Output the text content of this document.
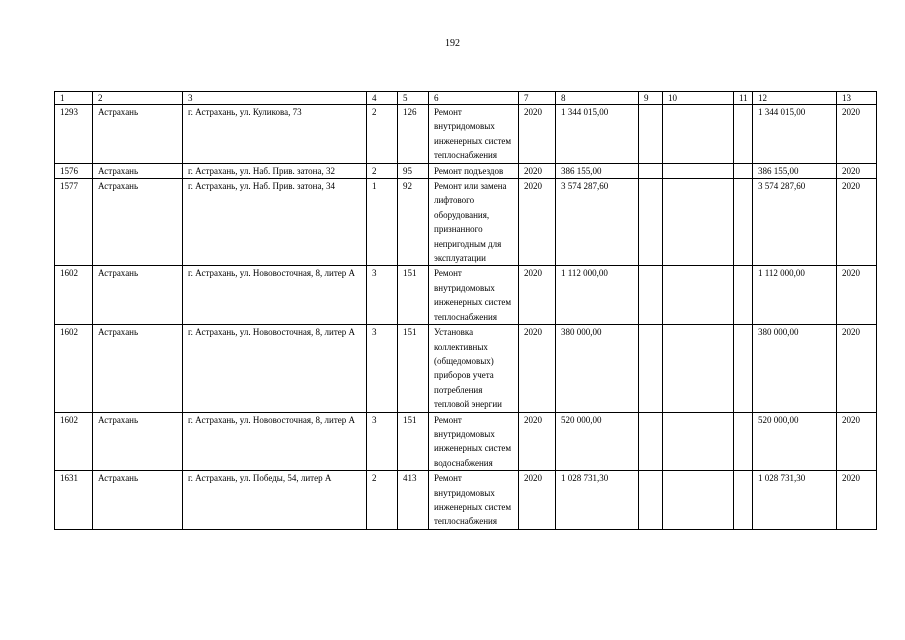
192
1	2	3	4	5	6	7	8	9	10	11	12	13
1293	Астрахань	г. Астрахань, ул. Куликова, 73	2	126	Ремонт внутридомовых инженерных систем теплоснабжения	2020	1 344 015,00				1 344 015,00	2020
1576	Астрахань	г. Астрахань, ул. Наб. Прив. затона, 32	2	95	Ремонт подъездов	2020	386 155,00				386 155,00	2020
1577	Астрахань	г. Астрахань, ул. Наб. Прив. затона, 34	1	92	Ремонт или замена лифтового оборудования, признанного непригодным для эксплуатации	2020	3 574 287,60				3 574 287,60	2020
1602	Астрахань	г. Астрахань, ул. Нововосточная, 8, литер А	3	151	Ремонт внутридомовых инженерных систем теплоснабжения	2020	1 112 000,00				1 112 000,00	2020
1602	Астрахань	г. Астрахань, ул. Нововосточная, 8, литер А	3	151	Установка коллективных (общедомовых) приборов учета потребления тепловой энергии	2020	380 000,00				380 000,00	2020
1602	Астрахань	г. Астрахань, ул. Нововосточная, 8, литер А	3	151	Ремонт внутридомовых инженерных систем водоснабжения	2020	520 000,00				520 000,00	2020
1631	Астрахань	г. Астрахань, ул. Победы, 54, литер А	2	413	Ремонт внутридомовых инженерных систем теплоснабжения	2020	1 028 731,30				1 028 731,30	2020
